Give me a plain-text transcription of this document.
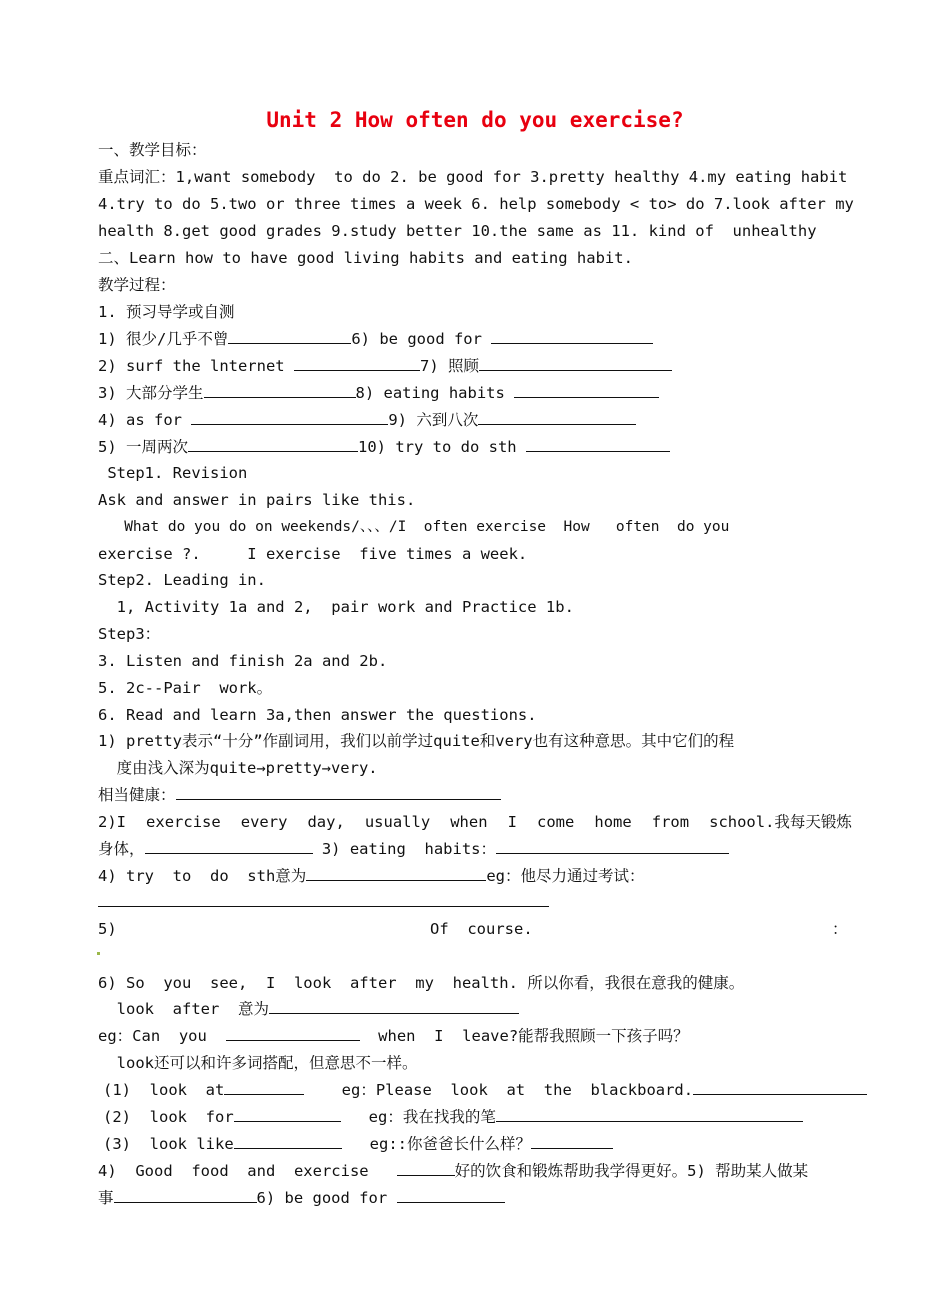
Unit 2 How often do you exercise?
一、教学目标：
重点词汇：1,want somebody  to do 2. be good for 3.pretty healthy 4.my eating habit
4.try to do 5.two or three times a week 6. help somebody < to> do 7.look after my
health 8.get good grades 9.study better 10.the same as 11. kind of  unhealthy
二、Learn how to have good living habits and eating habit.
教学过程：
1. 预习导学或自测
1) 很少/几乎不曾	6) be good for
2) surf the lnternet	7) 照顾
3) 大部分学生	8) eating habits
4) as for	9) 六到八次
5) 一周两次	10) try to do sth
Step1. Revision
Ask and answer in pairs like this.
What do you do on weekends/、、、/I  often exercise  How   often  do you
exercise ?.     I exercise  five times a week.
Step2. Leading in.
1, Activity 1a and 2,  pair work and Practice 1b.
Step3：
3. Listen and finish 2a and 2b.
5. 2c--Pair  work。
6. Read and learn 3a,then answer the questions.
1) pretty表示“十分”作副词用，我们以前学过quite和very也有这种意思。其中它们的程
度由浅入深为quite→pretty→very.
相当健康：
2)I exercise every day, usually when I come home from school.我每天锻炼
身体，	3) eating  habits：
4) try  to  do  sth意为	eg：他尽力通过考试：
5)	Of  course.	：
6) So  you  see,  I  look  after  my  health. 所以你看，我很在意我的健康。
look  after  意为
eg：Can  you	when  I  leave?能帮我照顾一下孩子吗？
look还可以和许多词搭配，但意思不一样。
(1)  look  at	eg：Please  look  at  the  blackboard.
(2)  look  for	eg：我在找我的笔
(3)  look like	eg::你爸爸长什么样？
4)  Good  food  and  exercise	好的饮食和锻炼帮助我学得更好。5) 帮助某人做某
事	6) be good for
